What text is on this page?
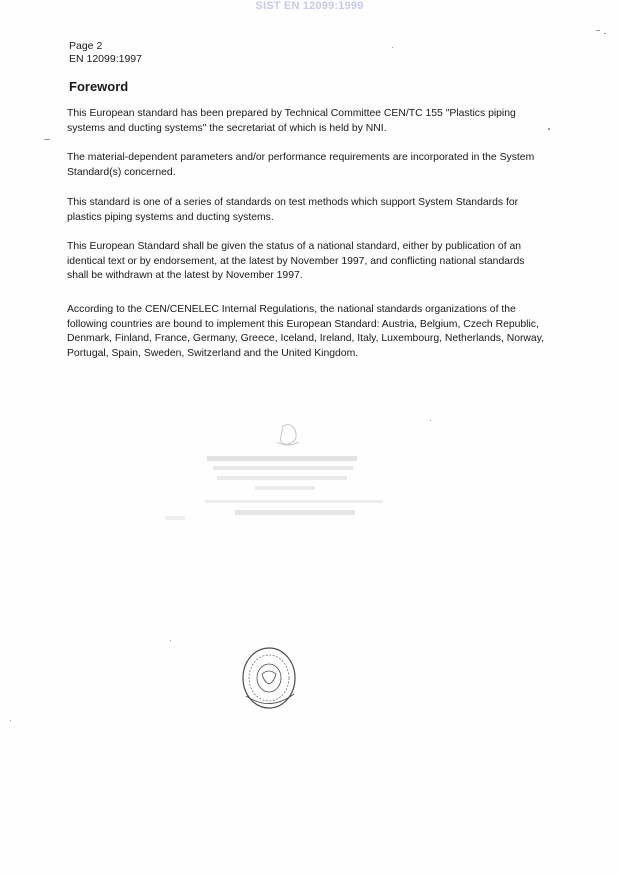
SIST EN 12099:1999
Page 2
EN 12099:1997
Foreword

This European standard has been prepared by Technical Committee CEN/TC 155 "Plastics piping systems and ducting systems" the secretariat of which is held by NNI.

The material-dependent parameters and/or performance requirements are incorporated in the System Standard(s) concerned.

This standard is one of a series of standards on test methods which support System Standards for plastics piping systems and ducting systems.

This European Standard shall be given the status of a national standard, either by publication of an identical text or by endorsement, at the latest by November 1997, and conflicting national standards shall be withdrawn at the latest by November 1997.

According to the CEN/CENELEC Internal Regulations, the national standards organizations of the following countries are bound to implement this European Standard: Austria, Belgium, Czech Republic, Denmark, Finland, France, Germany, Greece, Iceland, Ireland, Italy, Luxembourg, Netherlands, Norway, Portugal, Spain, Sweden, Switzerland and the United Kingdom.
